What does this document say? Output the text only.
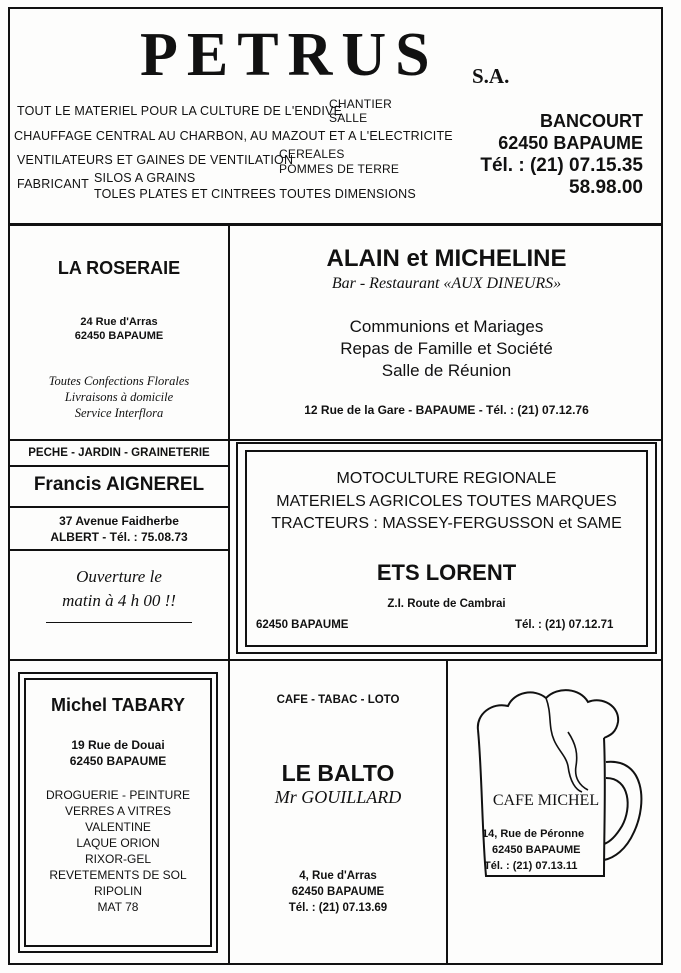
PETRUS S.A.
TOUT LE MATERIEL POUR LA CULTURE DE L'ENDIVE
CHANTIER
SALLE
CHAUFFAGE CENTRAL AU CHARBON, AU MAZOUT ET A L'ELECTRICITE
VENTILATEURS ET GAINES DE VENTILATION
CEREALES
POMMES DE TERRE
FABRICANT SILOS A GRAINS
TOLES PLATES ET CINTREES TOUTES DIMENSIONS
BANCOURT
62450 BAPAUME
Tél. : (21) 07.15.35
58.98.00
LA ROSERAIE
24 Rue d'Arras
62450 BAPAUME
Toutes Confections Florales
Livraisons à domicile
Service Interflora
ALAIN et MICHELINE
Bar - Restaurant «AUX DINEURS»
Communions et Mariages
Repas de Famille et Société
Salle de Réunion
12 Rue de la Gare - BAPAUME - Tél. : (21) 07.12.76
PECHE - JARDIN - GRAINETERIE
Francis AIGNEREL
37 Avenue Faidherbe
ALBERT - Tél. : 75.08.73
Ouverture le
matin à 4 h 00 !!
MOTOCULTURE REGIONALE
MATERIELS AGRICOLES TOUTES MARQUES
TRACTEURS : MASSEY-FERGUSSON et SAME
ETS LORENT
Z.I. Route de Cambrai
62450 BAPAUME	Tél. : (21) 07.12.71
Michel TABARY
19 Rue de Douai
62450 BAPAUME
DROGUERIE - PEINTURE
VERRES A VITRES
VALENTINE
LAQUE ORION
RIXOR-GEL
REVETEMENTS DE SOL
RIPOLIN
MAT 78
CAFE - TABAC - LOTO
LE BALTO
Mr GOUILLARD
4, Rue d'Arras
62450 BAPAUME
Tél. : (21) 07.13.69
CAFE MICHEL
14, Rue de Péronne
62450 BAPAUME
Tél. : (21) 07.13.11
